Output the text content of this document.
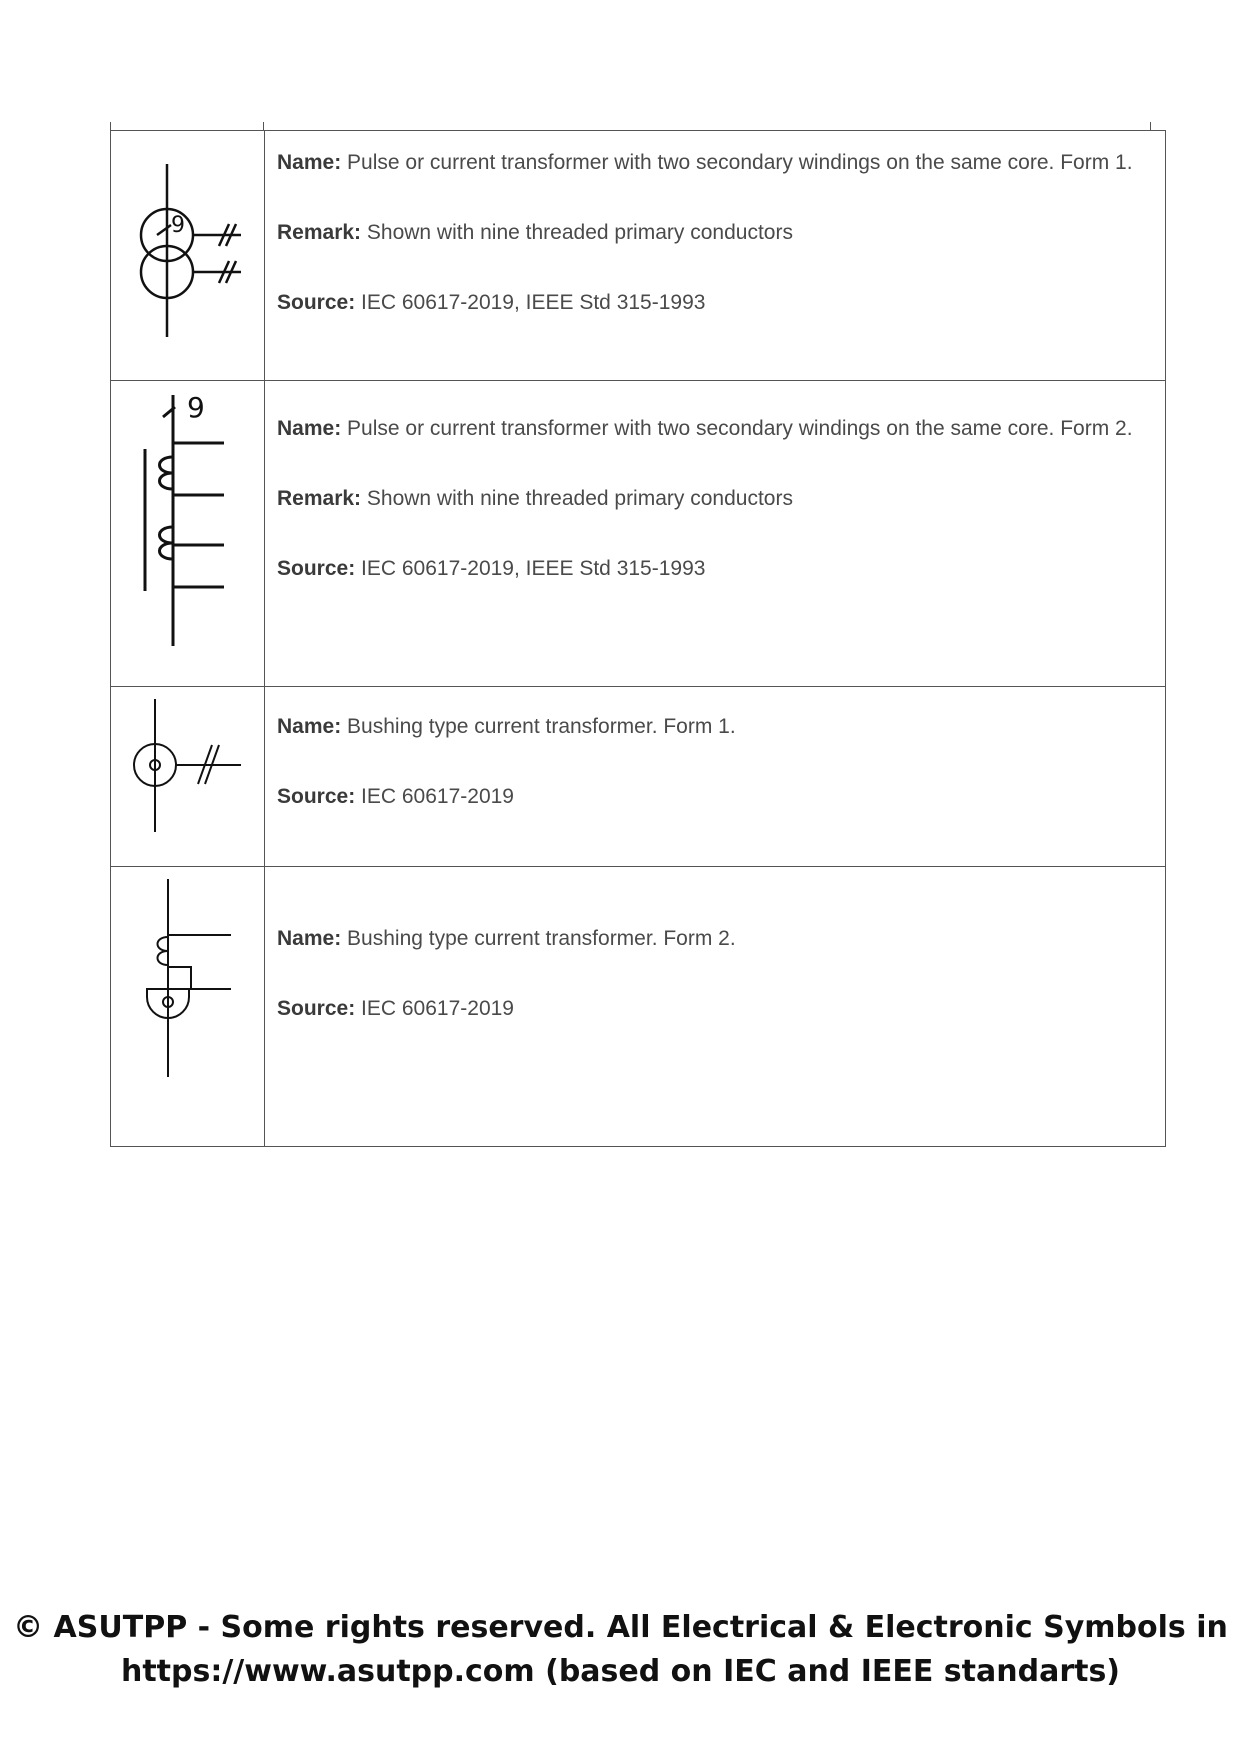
9	Name: Pulse or current transformer with two secondary windings on the same core. Form 1.
Remark: Shown with nine threaded primary conductors
Source: IEC 60617-2019, IEEE Std 315-1993

9	Name: Pulse or current transformer with two secondary windings on the same core. Form 2.
Remark: Shown with nine threaded primary conductors
Source: IEC 60617-2019, IEEE Std 315-1993

Name: Bushing type current transformer. Form 1.
Source: IEC 60617-2019

Name: Bushing type current transformer. Form 2.
Source: IEC 60617-2019
© ASUTPP - Some rights reserved. All Electrical & Electronic Symbols in
https://www.asutpp.com (based on IEC and IEEE standarts)
